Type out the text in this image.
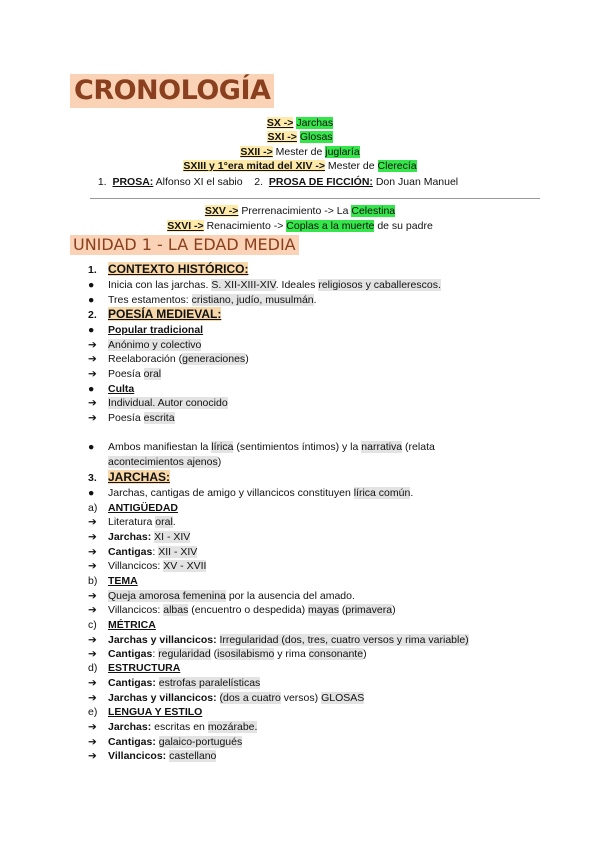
CRONOLOGÍA
SX -> Jarchas
SXI -> Glosas
SXII -> Mester de juglaría
SXIII y 1°era mitad del XIV -> Mester de Clerecía
1. PROSA: Alfonso XI el sabio 2. PROSA DE FICCIÓN: Don Juan Manuel
SXV -> Prerrenacimiento -> La Celestina
SXVI -> Renacimiento -> Coplas a la muerte de su padre
UNIDAD 1 - LA EDAD MEDIA
1. CONTEXTO HISTÓRICO:
● Inicia con las jarchas. S. XII-XIII-XIV. Ideales religiosos y caballerescos.
● Tres estamentos: cristiano, judío, musulmán.
2. POESÍA MEDIEVAL:
● Popular tradicional
➔ Anónimo y colectivo
➔ Reelaboración (generaciones)
➔ Poesía oral
● Culta
➔ Individual. Autor conocido
➔ Poesía escrita
● Ambos manifiestan la lírica (sentimientos íntimos) y la narrativa (relata
acontecimientos ajenos)
3. JARCHAS:
● Jarchas, cantigas de amigo y villancicos constituyen lírica común.
a) ANTIGÜEDAD
➔ Literatura oral.
➔ Jarchas: XI - XIV
➔ Cantigas: XII - XIV
➔ Villancicos: XV - XVII
b) TEMA
➔ Queja amorosa femenina por la ausencia del amado.
➔ Villancicos: albas (encuentro o despedida) mayas (primavera)
c) MÉTRICA
➔ Jarchas y villancicos: Irregularidad (dos, tres, cuatro versos y rima variable)
➔ Cantigas: regularidad (isosilabismo y rima consonante)
d) ESTRUCTURA
➔ Cantigas: estrofas paralelísticas
➔ Jarchas y villancicos: (dos a cuatro versos) GLOSAS
e) LENGUA Y ESTILO
➔ Jarchas: escritas en mozárabe.
➔ Cantigas: galaico-portugués
➔ Villancicos: castellano
